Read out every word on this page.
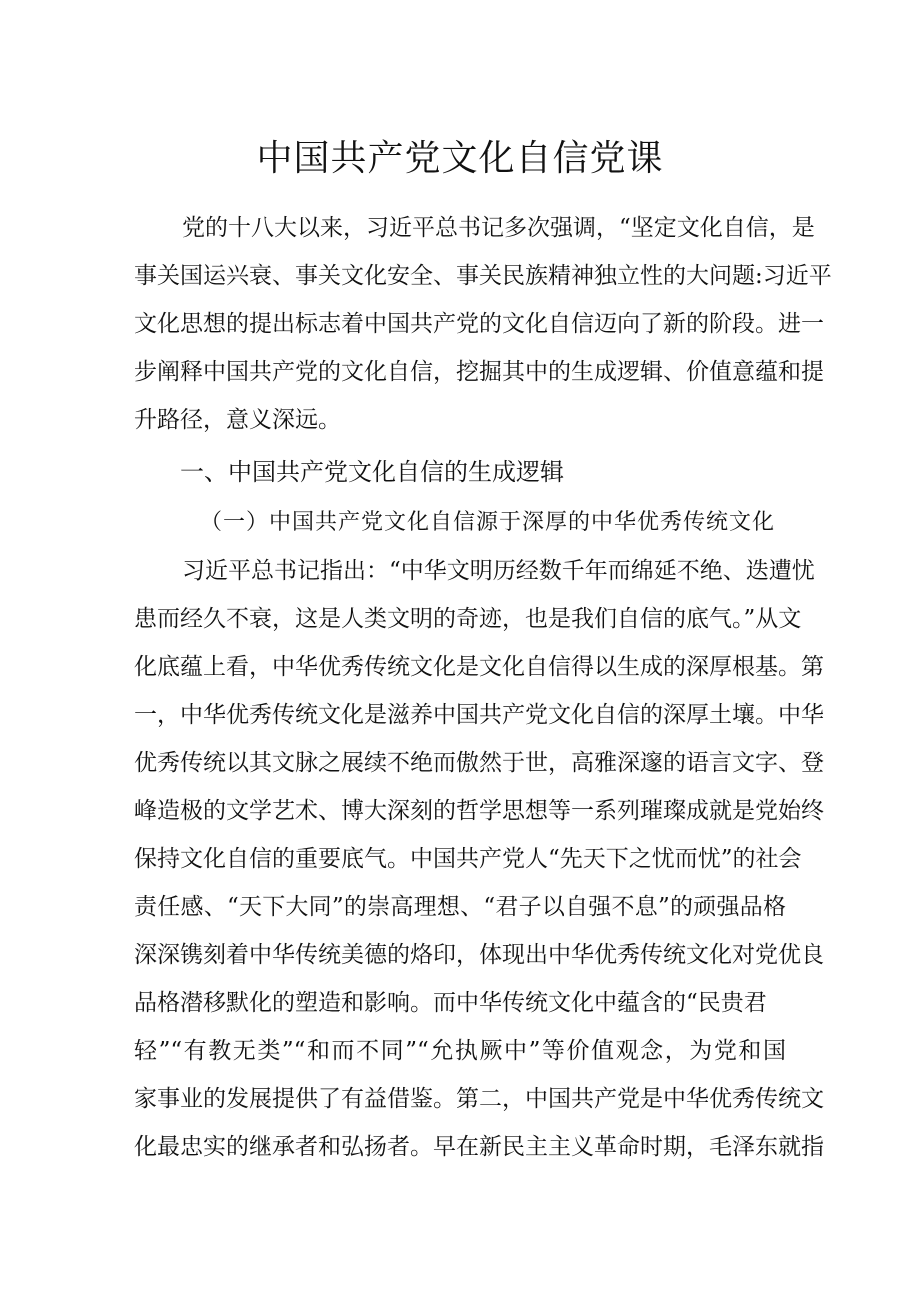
中国共产党文化自信党课

党的十八大以来，习近平总书记多次强调，“坚定文化自信，是

事关国运兴衰、事关文化安全、事关民族精神独立性的大问题:习近平

文化思想的提出标志着中国共产党的文化自信迈向了新的阶段。进一

步阐释中国共产党的文化自信，挖掘其中的生成逻辑、价值意蕴和提

升路径，意义深远。

一、中国共产党文化自信的生成逻辑
（一）中国共产党文化自信源于深厚的中华优秀传统文化

习近平总书记指出：“中华文明历经数千年而绵延不绝、迭遭忧

患而经久不衰，这是人类文明的奇迹，也是我们自信的底气。”从文

化底蕴上看，中华优秀传统文化是文化自信得以生成的深厚根基。第

一，中华优秀传统文化是滋养中国共产党文化自信的深厚土壤。中华

优秀传统以其文脉之展续不绝而傲然于世，高雅深邃的语言文字、登

峰造极的文学艺术、博大深刻的哲学思想等一系列璀璨成就是党始终

保持文化自信的重要底气。中国共产党人“先天下之忧而忧”的社会

责任感、“天下大同”的崇高理想、“君子以自强不息”的顽强品格

深深镌刻着中华传统美德的烙印，体现出中华优秀传统文化对党优良

品格潜移默化的塑造和影响。而中华传统文化中蕴含的“民贵君

轻”“有教无类”“和而不同”“允执厥中”等价值观念，为党和国

家事业的发展提供了有益借鉴。第二，中国共产党是中华优秀传统文

化最忠实的继承者和弘扬者。早在新民主主义革命时期，毛泽东就指
